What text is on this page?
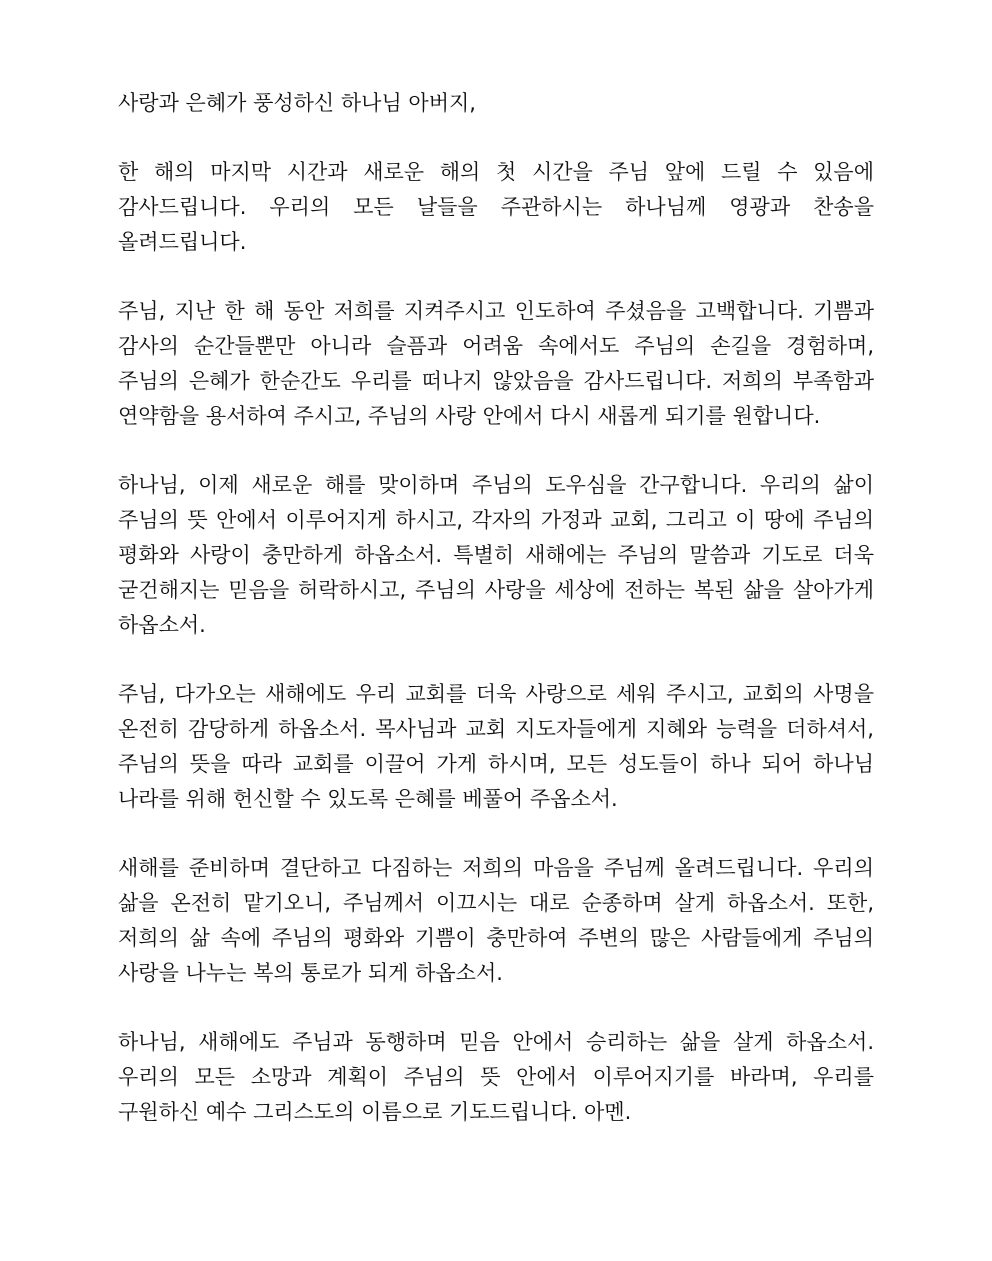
사랑과 은혜가 풍성하신 하나님 아버지,

한 해의 마지막 시간과 새로운 해의 첫 시간을 주님 앞에 드릴 수 있음에 감사드립니다. 우리의 모든 날들을 주관하시는 하나님께 영광과 찬송을 올려드립니다.

주님, 지난 한 해 동안 저희를 지켜주시고 인도하여 주셨음을 고백합니다. 기쁨과 감사의 순간들뿐만 아니라 슬픔과 어려움 속에서도 주님의 손길을 경험하며, 주님의 은혜가 한순간도 우리를 떠나지 않았음을 감사드립니다. 저희의 부족함과 연약함을 용서하여 주시고, 주님의 사랑 안에서 다시 새롭게 되기를 원합니다.

하나님, 이제 새로운 해를 맞이하며 주님의 도우심을 간구합니다. 우리의 삶이 주님의 뜻 안에서 이루어지게 하시고, 각자의 가정과 교회, 그리고 이 땅에 주님의 평화와 사랑이 충만하게 하옵소서. 특별히 새해에는 주님의 말씀과 기도로 더욱 굳건해지는 믿음을 허락하시고, 주님의 사랑을 세상에 전하는 복된 삶을 살아가게 하옵소서.

주님, 다가오는 새해에도 우리 교회를 더욱 사랑으로 세워 주시고, 교회의 사명을 온전히 감당하게 하옵소서. 목사님과 교회 지도자들에게 지혜와 능력을 더하셔서, 주님의 뜻을 따라 교회를 이끌어 가게 하시며, 모든 성도들이 하나 되어 하나님 나라를 위해 헌신할 수 있도록 은혜를 베풀어 주옵소서.

새해를 준비하며 결단하고 다짐하는 저희의 마음을 주님께 올려드립니다. 우리의 삶을 온전히 맡기오니, 주님께서 이끄시는 대로 순종하며 살게 하옵소서. 또한, 저희의 삶 속에 주님의 평화와 기쁨이 충만하여 주변의 많은 사람들에게 주님의 사랑을 나누는 복의 통로가 되게 하옵소서.

하나님, 새해에도 주님과 동행하며 믿음 안에서 승리하는 삶을 살게 하옵소서. 우리의 모든 소망과 계획이 주님의 뜻 안에서 이루어지기를 바라며, 우리를 구원하신 예수 그리스도의 이름으로 기도드립니다. 아멘.
